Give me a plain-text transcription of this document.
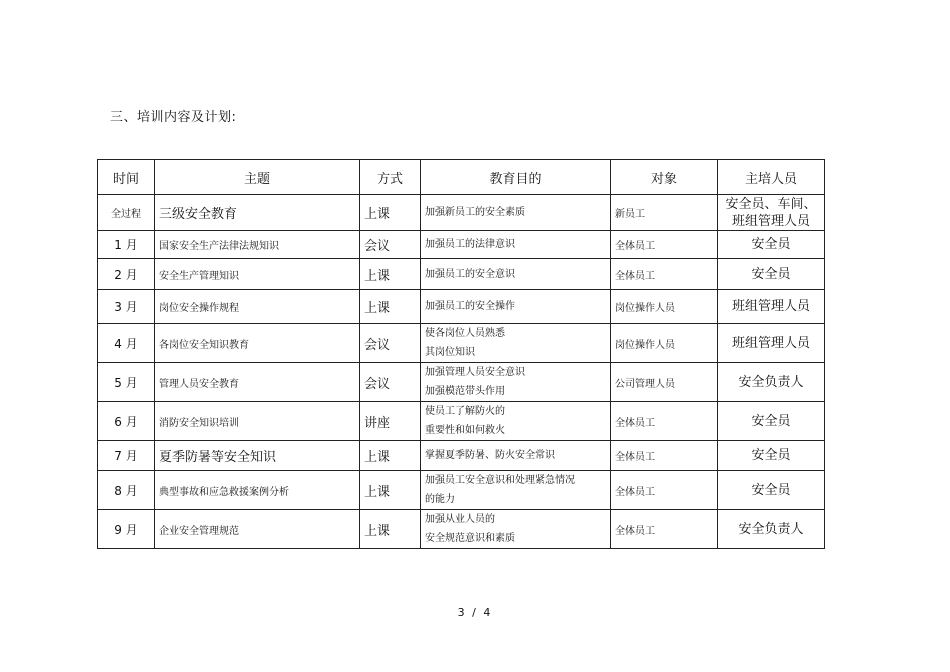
三、培训内容及计划:
时间	主题	方式	教育目的	对象	主培人员
全过程	三级安全教育	上课	加强新员工的安全素质	新员工	安全员、车间、
班组管理人员

1 月	国家安全生产法律法规知识	会议	加强员工的法律意识	全体员工	安全员

2 月	安全生产管理知识	上课	加强员工的安全意识	全体员工	安全员

3 月	岗位安全操作规程	上课	加强员工的安全操作	岗位操作人员	班组管理人员

4 月	各岗位安全知识教育	会议	使各岗位人员熟悉
其岗位知识	岗位操作人员	班组管理人员

5 月	管理人员安全教育	会议	加强管理人员安全意识
加强模范带头作用	公司管理人员	安全负责人

6 月	消防安全知识培训	讲座	使员工了解防火的
重要性和如何救火	全体员工	安全员

7 月	夏季防暑等安全知识	上课	掌握夏季防暑、防火安全常识	全体员工	安全员

8 月	典型事故和应急救援案例分析	上课	加强员工安全意识和处理紧急情况
的能力	全体员工	安全员

9 月	企业安全管理规范	上课	加强从业人员的
安全规范意识和素质	全体员工	安全负责人
3 / 4
